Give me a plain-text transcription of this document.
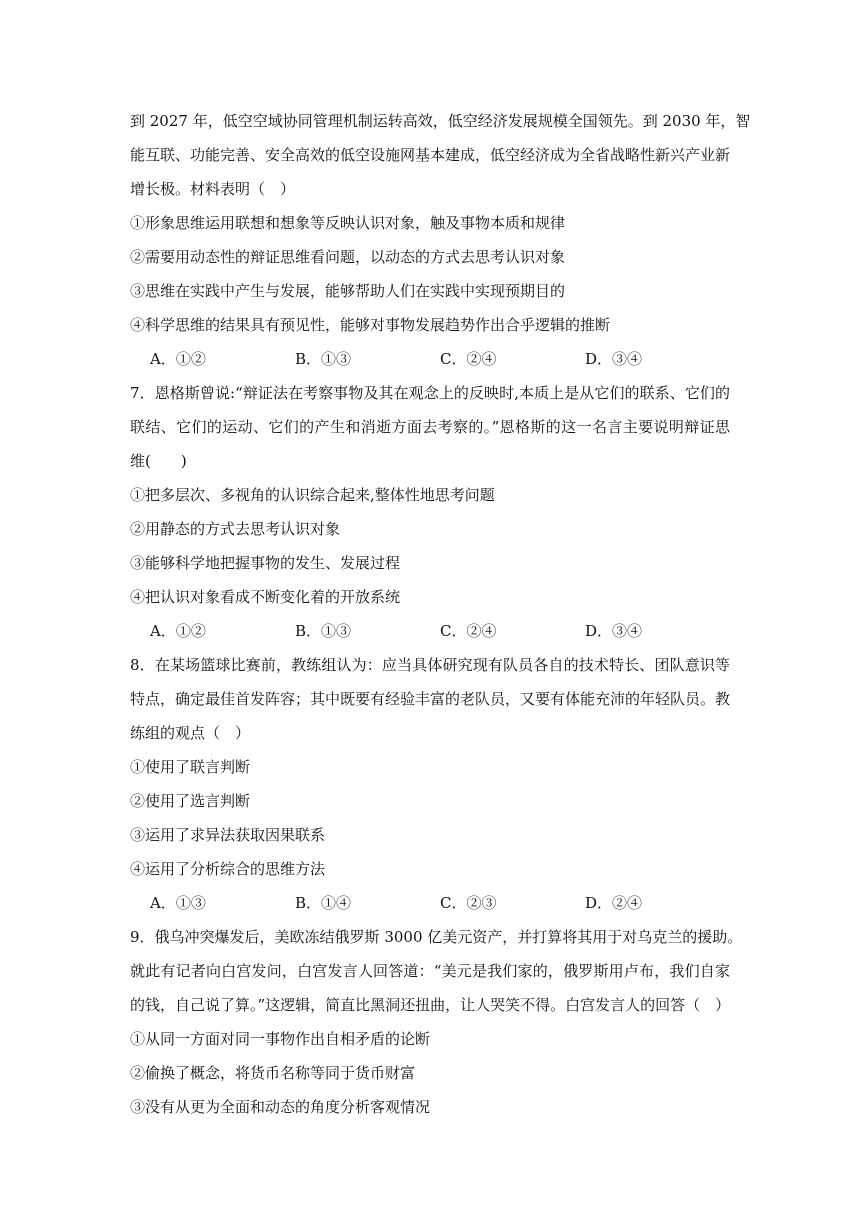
到 2027 年，低空空域协同管理机制运转高效，低空经济发展规模全国领先。到 2030 年，智
能互联、功能完善、安全高效的低空设施网基本建成，低空经济成为全省战略性新兴产业新
增长极。材料表明（　）
①形象思维运用联想和想象等反映认识对象，触及事物本质和规律
②需要用动态性的辩证思维看问题，以动态的方式去思考认识对象
③思维在实践中产生与发展，能够帮助人们在实践中实现预期目的
④科学思维的结果具有预见性，能够对事物发展趋势作出合乎逻辑的推断
A．①②	B．①③	C．②④	D．③④
7．恩格斯曾说:“辩证法在考察事物及其在观念上的反映时,本质上是从它们的联系、它们的
联结、它们的运动、它们的产生和消逝方面去考察的。”恩格斯的这一名言主要说明辩证思
维(　　)
①把多层次、多视角的认识综合起来,整体性地思考问题
②用静态的方式去思考认识对象
③能够科学地把握事物的发生、发展过程
④把认识对象看成不断变化着的开放系统
A．①②	B．①③	C．②④	D．③④
8．在某场篮球比赛前，教练组认为：应当具体研究现有队员各自的技术特长、团队意识等
特点，确定最佳首发阵容；其中既要有经验丰富的老队员，又要有体能充沛的年轻队员。教
练组的观点（　）
①使用了联言判断
②使用了选言判断
③运用了求异法获取因果联系
④运用了分析综合的思维方法
A．①③	B．①④	C．②③	D．②④
9．俄乌冲突爆发后，美欧冻结俄罗斯 3000 亿美元资产，并打算将其用于对乌克兰的援助。
就此有记者向白宫发问，白宫发言人回答道：“美元是我们家的，俄罗斯用卢布，我们自家
的钱，自己说了算。”这逻辑，简直比黑洞还扭曲，让人哭笑不得。白宫发言人的回答（　）
①从同一方面对同一事物作出自相矛盾的论断
②偷换了概念，将货币名称等同于货币财富
③没有从更为全面和动态的角度分析客观情况
